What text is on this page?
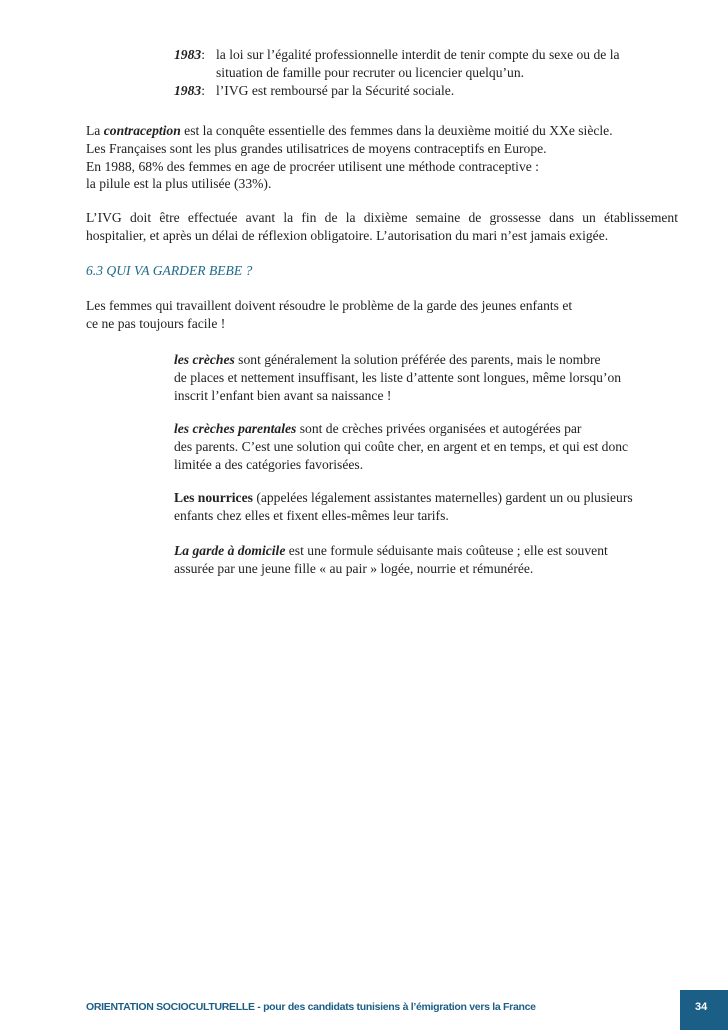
1983: la loi sur l’égalité professionnelle interdit de tenir compte du sexe ou de la
situation de famille pour recruter ou licencier quelqu’un.
1983: l’IVG est remboursé par la Sécurité sociale.

La contraception est la conquête essentielle des femmes dans la deuxième moitié du XXe siècle.

Les Françaises sont les plus grandes utilisatrices de moyens contraceptifs en Europe.

En 1988, 68% des femmes en age de procréer utilisent une méthode contraceptive :

la pilule est la plus utilisée (33%).

L’IVG doit être effectuée avant la fin de la dixième semaine de grossesse dans un établissement

hospitalier, et après un délai de réflexion obligatoire. L’autorisation du mari n’est jamais exigée.

6.3 QUI VA GARDER BEBE ?

Les femmes qui travaillent doivent résoudre le problème de la garde des jeunes enfants et

ce ne pas toujours facile !

les crèches sont généralement la solution préférée des parents, mais le nombre

de places et nettement insuffisant, les liste d’attente sont longues, même lorsqu’on

inscrit l’enfant bien avant sa naissance !

les crèches parentales sont de crèches privées organisées et autogérées par

des parents. C’est une solution qui coûte cher, en argent et en temps, et qui est donc

limitée a des catégories favorisées.

Les nourrices (appelées légalement assistantes maternelles) gardent un ou plusieurs

enfants chez elles et fixent elles-mêmes leur tarifs.

La garde à domicile est une formule séduisante mais coûteuse ; elle est souvent

assurée par une jeune fille « au pair » logée, nourrie et rémunérée.

ORIENTATION SOCIOCULTURELLE - pour des candidats tunisiens à l’émigration vers la France	34
